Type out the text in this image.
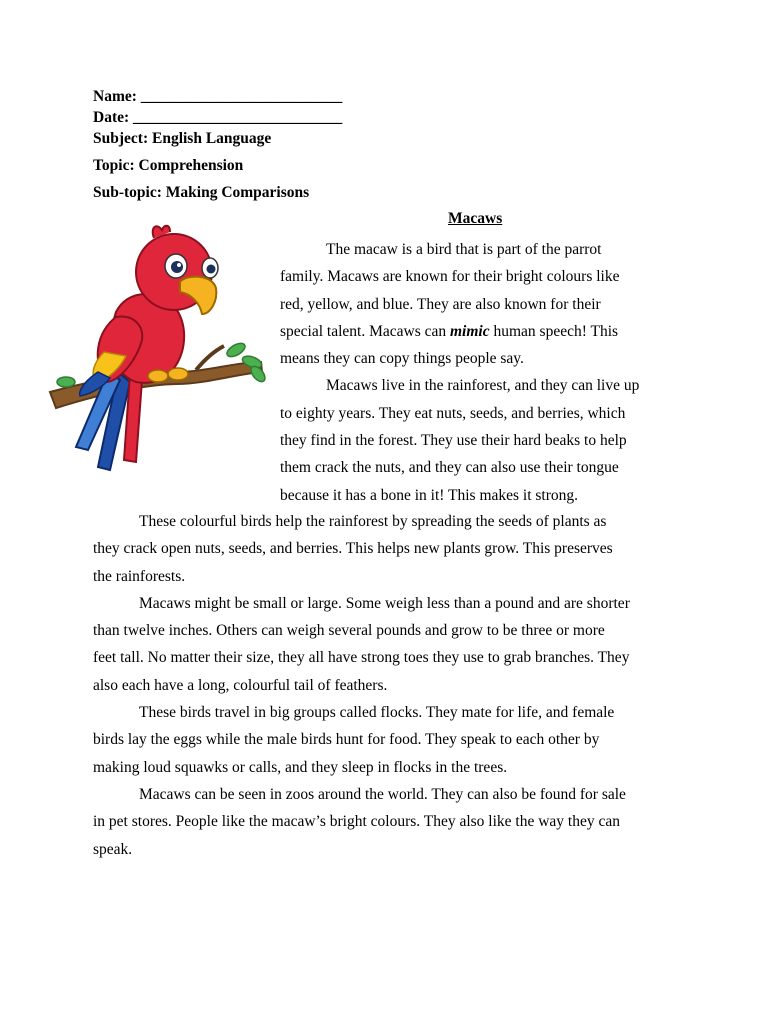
Name: __________________________
Date: ___________________________
Subject: English Language
Topic: Comprehension
Sub-topic: Making Comparisons
Macaws

The macaw is a bird that is part of the parrot

family. Macaws are known for their bright colours like

red, yellow, and blue. They are also known for their

special talent. Macaws can mimic human speech! This

means they can copy things people say.

Macaws live in the rainforest, and they can live up

to eighty years. They eat nuts, seeds, and berries, which

they find in the forest. They use their hard beaks to help

them crack the nuts, and they can also use their tongue

because it has a bone in it! This makes it strong.

These colourful birds help the rainforest by spreading the seeds of plants as

they crack open nuts, seeds, and berries. This helps new plants grow. This preserves

the rainforests.

Macaws might be small or large. Some weigh less than a pound and are shorter

than twelve inches. Others can weigh several pounds and grow to be three or more

feet tall. No matter their size, they all have strong toes they use to grab branches. They

also each have a long, colourful tail of feathers.

These birds travel in big groups called flocks. They mate for life, and female

birds lay the eggs while the male birds hunt for food. They speak to each other by

making loud squawks or calls, and they sleep in flocks in the trees.

Macaws can be seen in zoos around the world. They can also be found for sale

in pet stores. People like the macaw’s bright colours. They also like the way they can

speak.
